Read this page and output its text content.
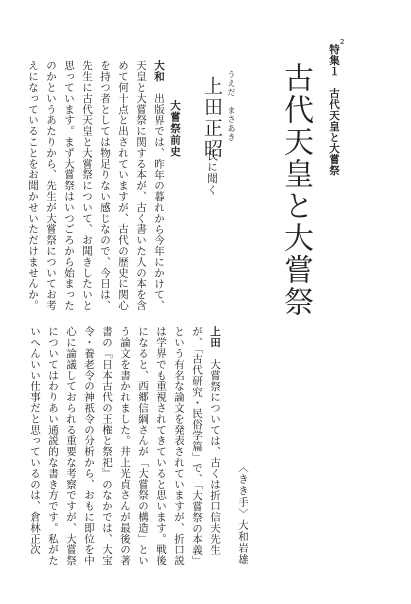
2
特集１　古代天皇と大嘗祭
古代天皇と大嘗祭
うえだ　まさあき
上田正昭
氏に聞く
大嘗祭前史

大和　出版界では、昨年の暮れから今年にかけて、天皇と大嘗祭に関する本が、古く書いた人の本を含めて何十点と出されていますが、古代の歴史に関心を持つ者としては物足りない感じなので、今日は、先生に古代天皇と大嘗祭について、お聞きしたいと思っています。まず大嘗祭はいつごろから始まったのかというあたりから、先生が大嘗祭についてお考えになっていることをお聞かせいただけませんか。

〈きき手〉大和岩雄

上田　大嘗祭については、古くは折口信夫先生が、「古代研究・民俗学篇」で、「大嘗祭の本義」という有名な論文を発表されていますが、折口説は学界でも重視されてきていると思います。戦後になると、西郷信綱さんが「大嘗祭の構造」という論文を書かれました。井上光貞さんが最後の著書の『日本古代の王権と祭祀』のなかでは、大宝令・養老令の神祇令の分析から、おもに即位を中心に論議しておられる重要な考察ですが、大嘗祭についてはわりあい通説的な書き方です。私がたいへんいい仕事だと思っているのは、倉林正次
